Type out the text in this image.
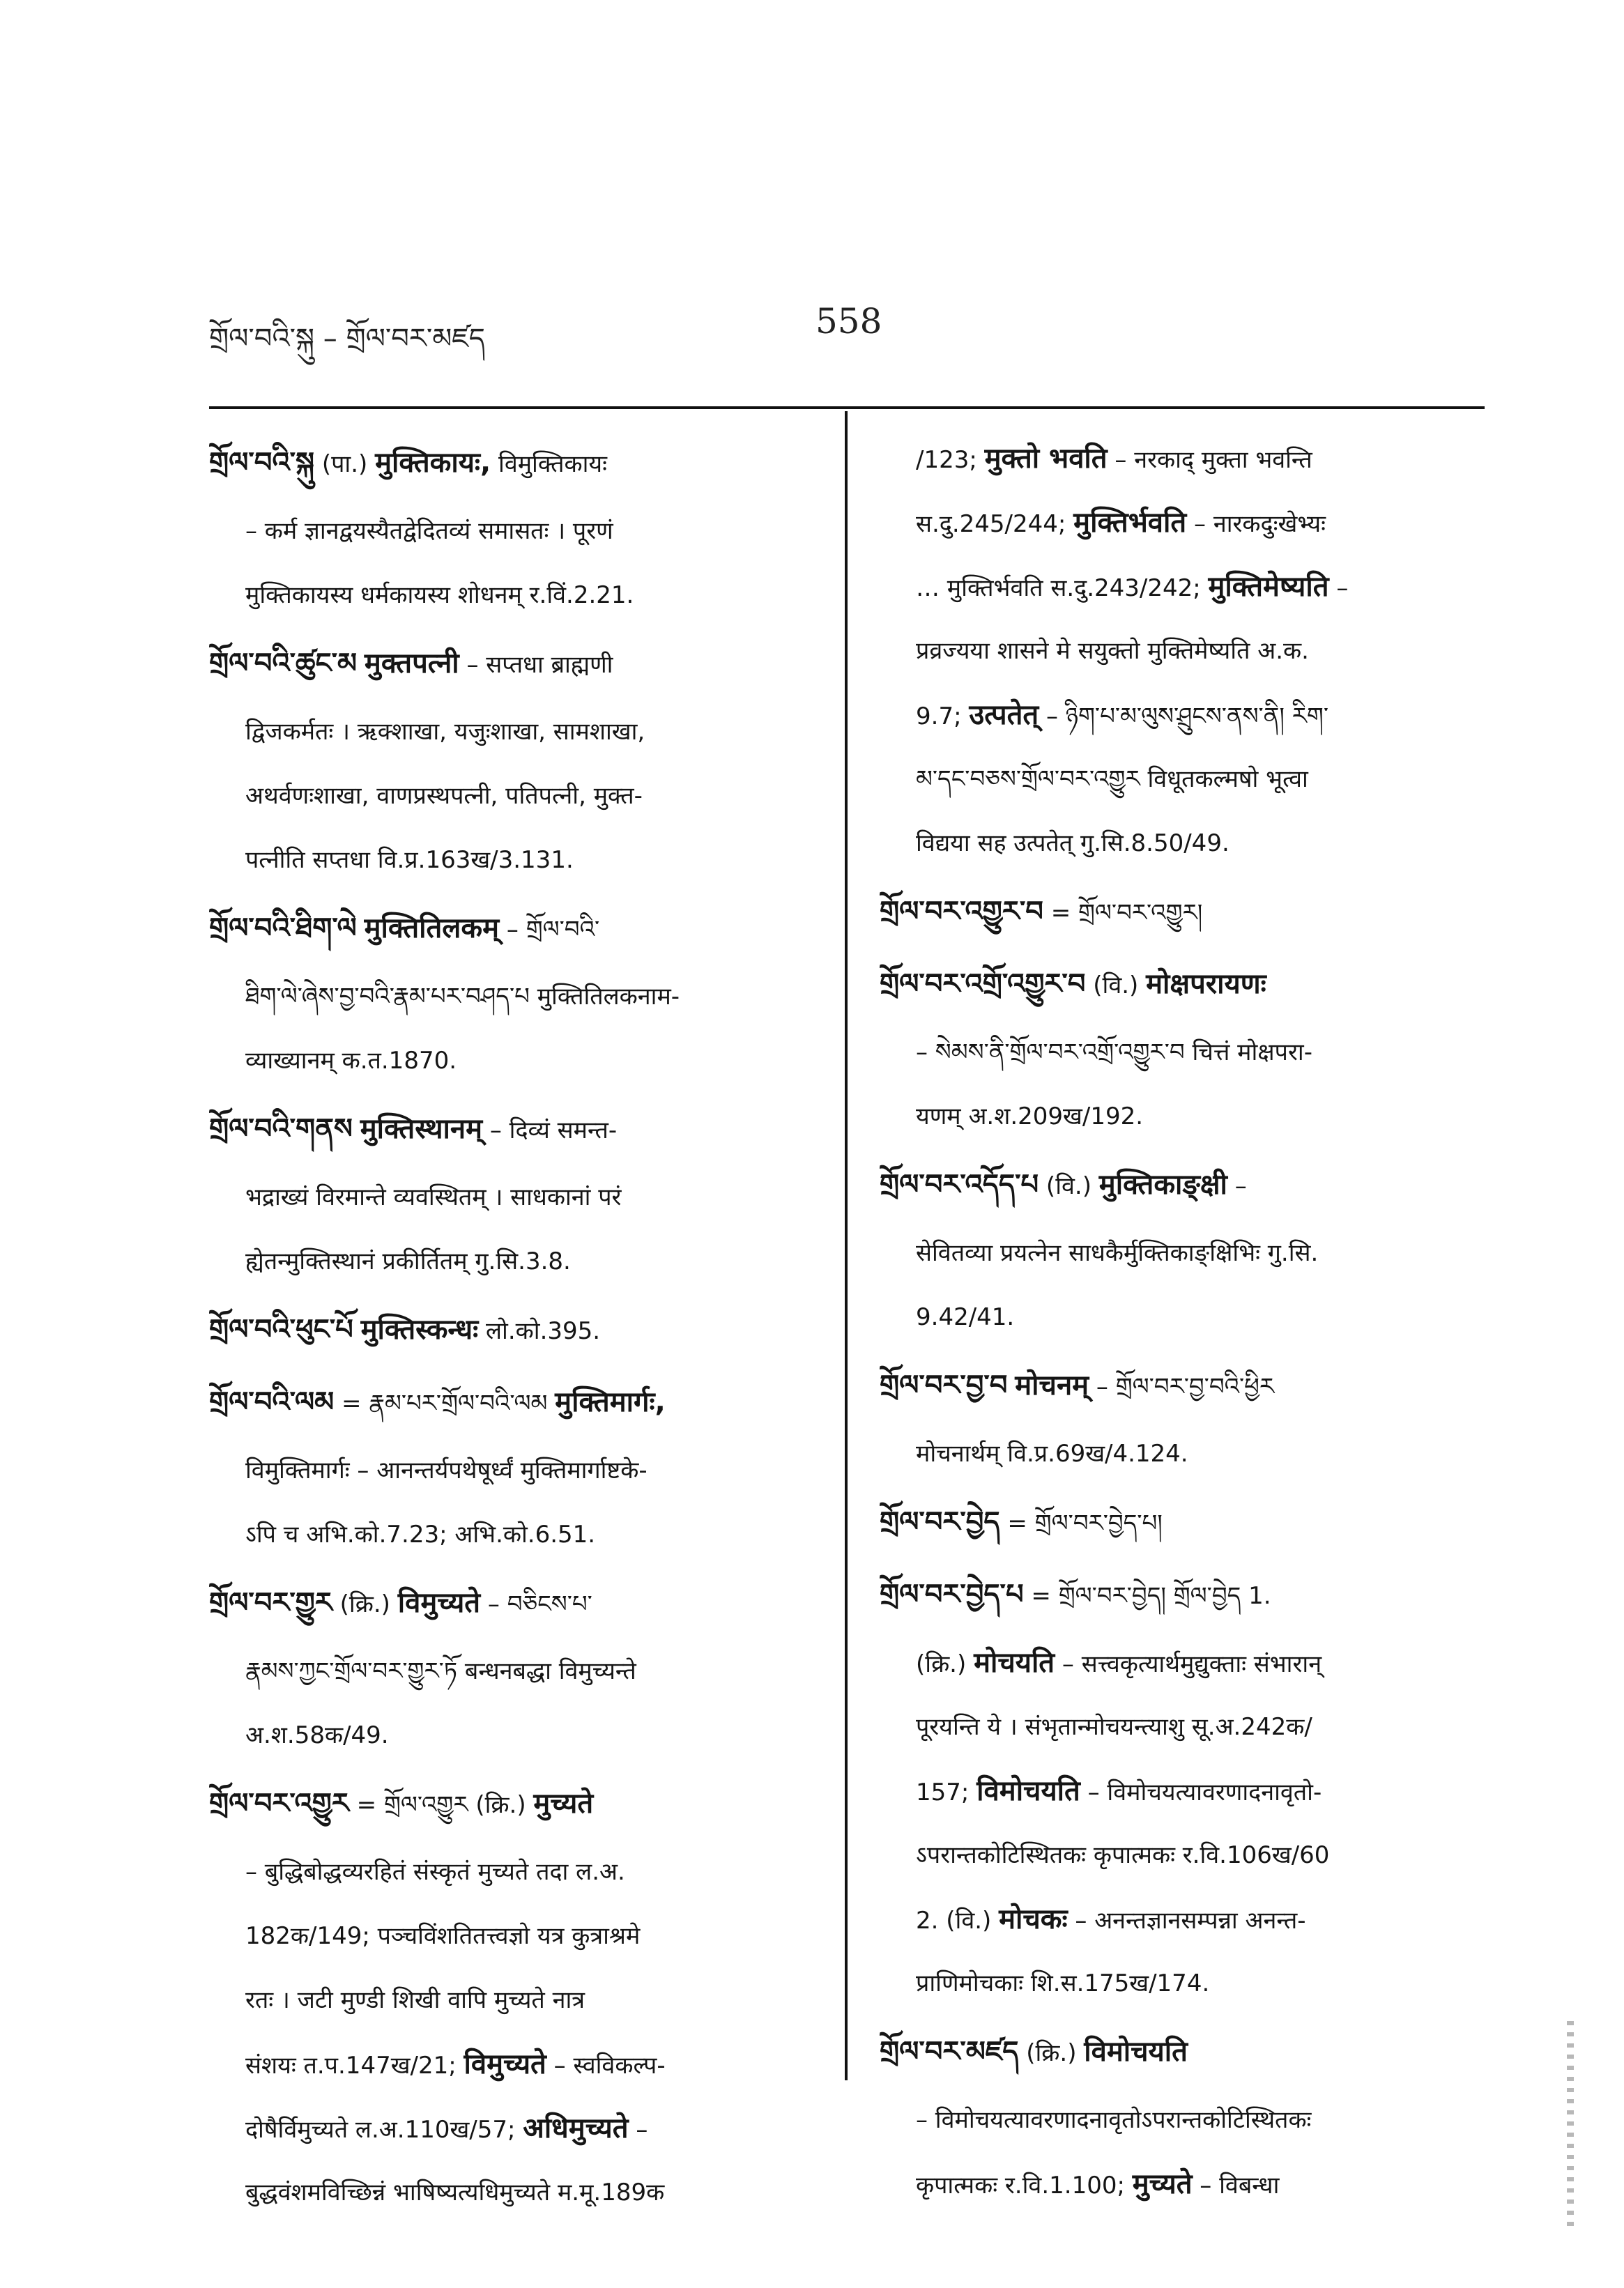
གྲོལ་བའི་སྐུ – གྲོལ་བར་མཛད	558
གྲོལ་བའི་སྐུ (पा.) मुक्तिकायः, विमुक्तिकायः
– कर्म ज्ञानद्वयस्यैतद्वेदितव्यं समासतः । पूरणं
मुक्तिकायस्य धर्मकायस्य शोधनम् र.विं.2.21.
གྲོལ་བའི་ཚུང་མ मुक्तपत्नी – सप्तधा ब्राह्मणी
द्विजकर्मतः । ऋक्शाखा, यजुःशाखा, सामशाखा,
अथर्वणःशाखा, वाणप्रस्थपत्नी, पतिपत्नी, मुक्त-
पत्नीति सप्तधा वि.प्र.163ख/3.131.
གྲོལ་བའི་ཐིག་ལེ मुक्तितिलकम् – གྲོལ་བའི་
ཐིག་ལེ་ཞེས་བྱ་བའི་རྣམ་པར་བཤད་པ मुक्तितिलकनाम-
व्याख्यानम् क.त.1870.
གྲོལ་བའི་གནས मुक्तिस्थानम् – दिव्यं समन्त-
भद्राख्यं विरमान्ते व्यवस्थितम् । साधकानां परं
ह्येतन्मुक्तिस्थानं प्रकीर्तितम् गु.सि.3.8.
གྲོལ་བའི་ཕུང་པོ मुक्तिस्कन्धः लो.को.395.
གྲོལ་བའི་ལམ = རྣམ་པར་གྲོལ་བའི་ལམ मुक्तिमार्गः,
विमुक्तिमार्गः – आनन्तर्यपथेषूर्ध्वं मुक्तिमार्गाष्टके-
ऽपि च अभि.को.7.23; अभि.को.6.51.
གྲོལ་བར་གྱུར (क्रि.) विमुच्यते – བཅིངས་པ་
རྣམས་ཀྱང་གྲོལ་བར་གྱུར་ཏོ बन्धनबद्धा विमुच्यन्ते
अ.श.58क/49.
གྲོལ་བར་འགྱུར = གྲོལ་འགྱུར (क्रि.) मुच्यते
– बुद्धिबोद्धव्यरहितं संस्कृतं मुच्यते तदा ल.अ.
182क/149; पञ्चविंशतितत्त्वज्ञो यत्र कुत्राश्रमे
रतः । जटी मुण्डी शिखी वापि मुच्यते नात्र
संशयः त.प.147ख/21; विमुच्यते – स्वविकल्प-
दोषैर्विमुच्यते ल.अ.110ख/57; अधिमुच्यते –
बुद्धवंशमविच्छिन्नं भाषिष्यत्यधिमुच्यते म.मू.189क
/123; मुक्तो भवति – नरकाद् मुक्ता भवन्ति
स.दु.245/244; मुक्तिर्भवति – नारकदुःखेभ्यः
… मुक्तिर्भवति स.दु.243/242; मुक्तिमेष्यति –
प्रव्रज्यया शासने मे सयुक्तो मुक्तिमेष्यति अ.क.
9.7; उत्पतेत् – ཉིག་པ་མ་ལུས་ཤྲུངས་ནས་ནི། རིག་
མ་དང་བཅས་གྲོལ་བར་འགྱུར विधूतकल्मषो भूत्वा
विद्यया सह उत्पतेत् गु.सि.8.50/49.
གྲོལ་བར་འགྱུར་བ = གྲོལ་བར་འགྱུར།
གྲོལ་བར་འགྲོ་འགྱུར་བ (वि.) मोक्षपरायणः
– སེམས་ནི་གྲོལ་བར་འགྲོ་འགྱུར་བ चित्तं मोक्षपरा-
यणम् अ.श.209ख/192.
གྲོལ་བར་འདོད་པ (वि.) मुक्तिकाङ्क्षी –
सेवितव्या प्रयत्नेन साधकैर्मुक्तिकाङ्क्षिभिः गु.सि.
9.42/41.
གྲོལ་བར་བྱ་བ मोचनम् – གྲོལ་བར་བྱ་བའི་ཕྱིར
मोचनार्थम् वि.प्र.69ख/4.124.
གྲོལ་བར་བྱེད = གྲོལ་བར་བྱེད་པ།
གྲོལ་བར་བྱེད་པ = གྲོལ་བར་བྱེད། གྲོལ་བྱེད 1.
(क्रि.) मोचयति – सत्त्वकृत्यार्थमुद्युक्ताः संभारान्
पूरयन्ति ये । संभृतान्मोचयन्त्याशु सू.अ.242क/
157; विमोचयति – विमोचयत्यावरणादनावृतो-
ऽपरान्तकोटिस्थितकः कृपात्मकः र.वि.106ख/60
2. (वि.) मोचकः – अनन्तज्ञानसम्पन्ना अनन्त-
प्राणिमोचकाः शि.स.175ख/174.
གྲོལ་བར་མཛད (क्रि.) विमोचयति
– विमोचयत्यावरणादनावृतोऽपरान्तकोटिस्थितकः
कृपात्मकः र.वि.1.100; मुच्यते – विबन्धा
